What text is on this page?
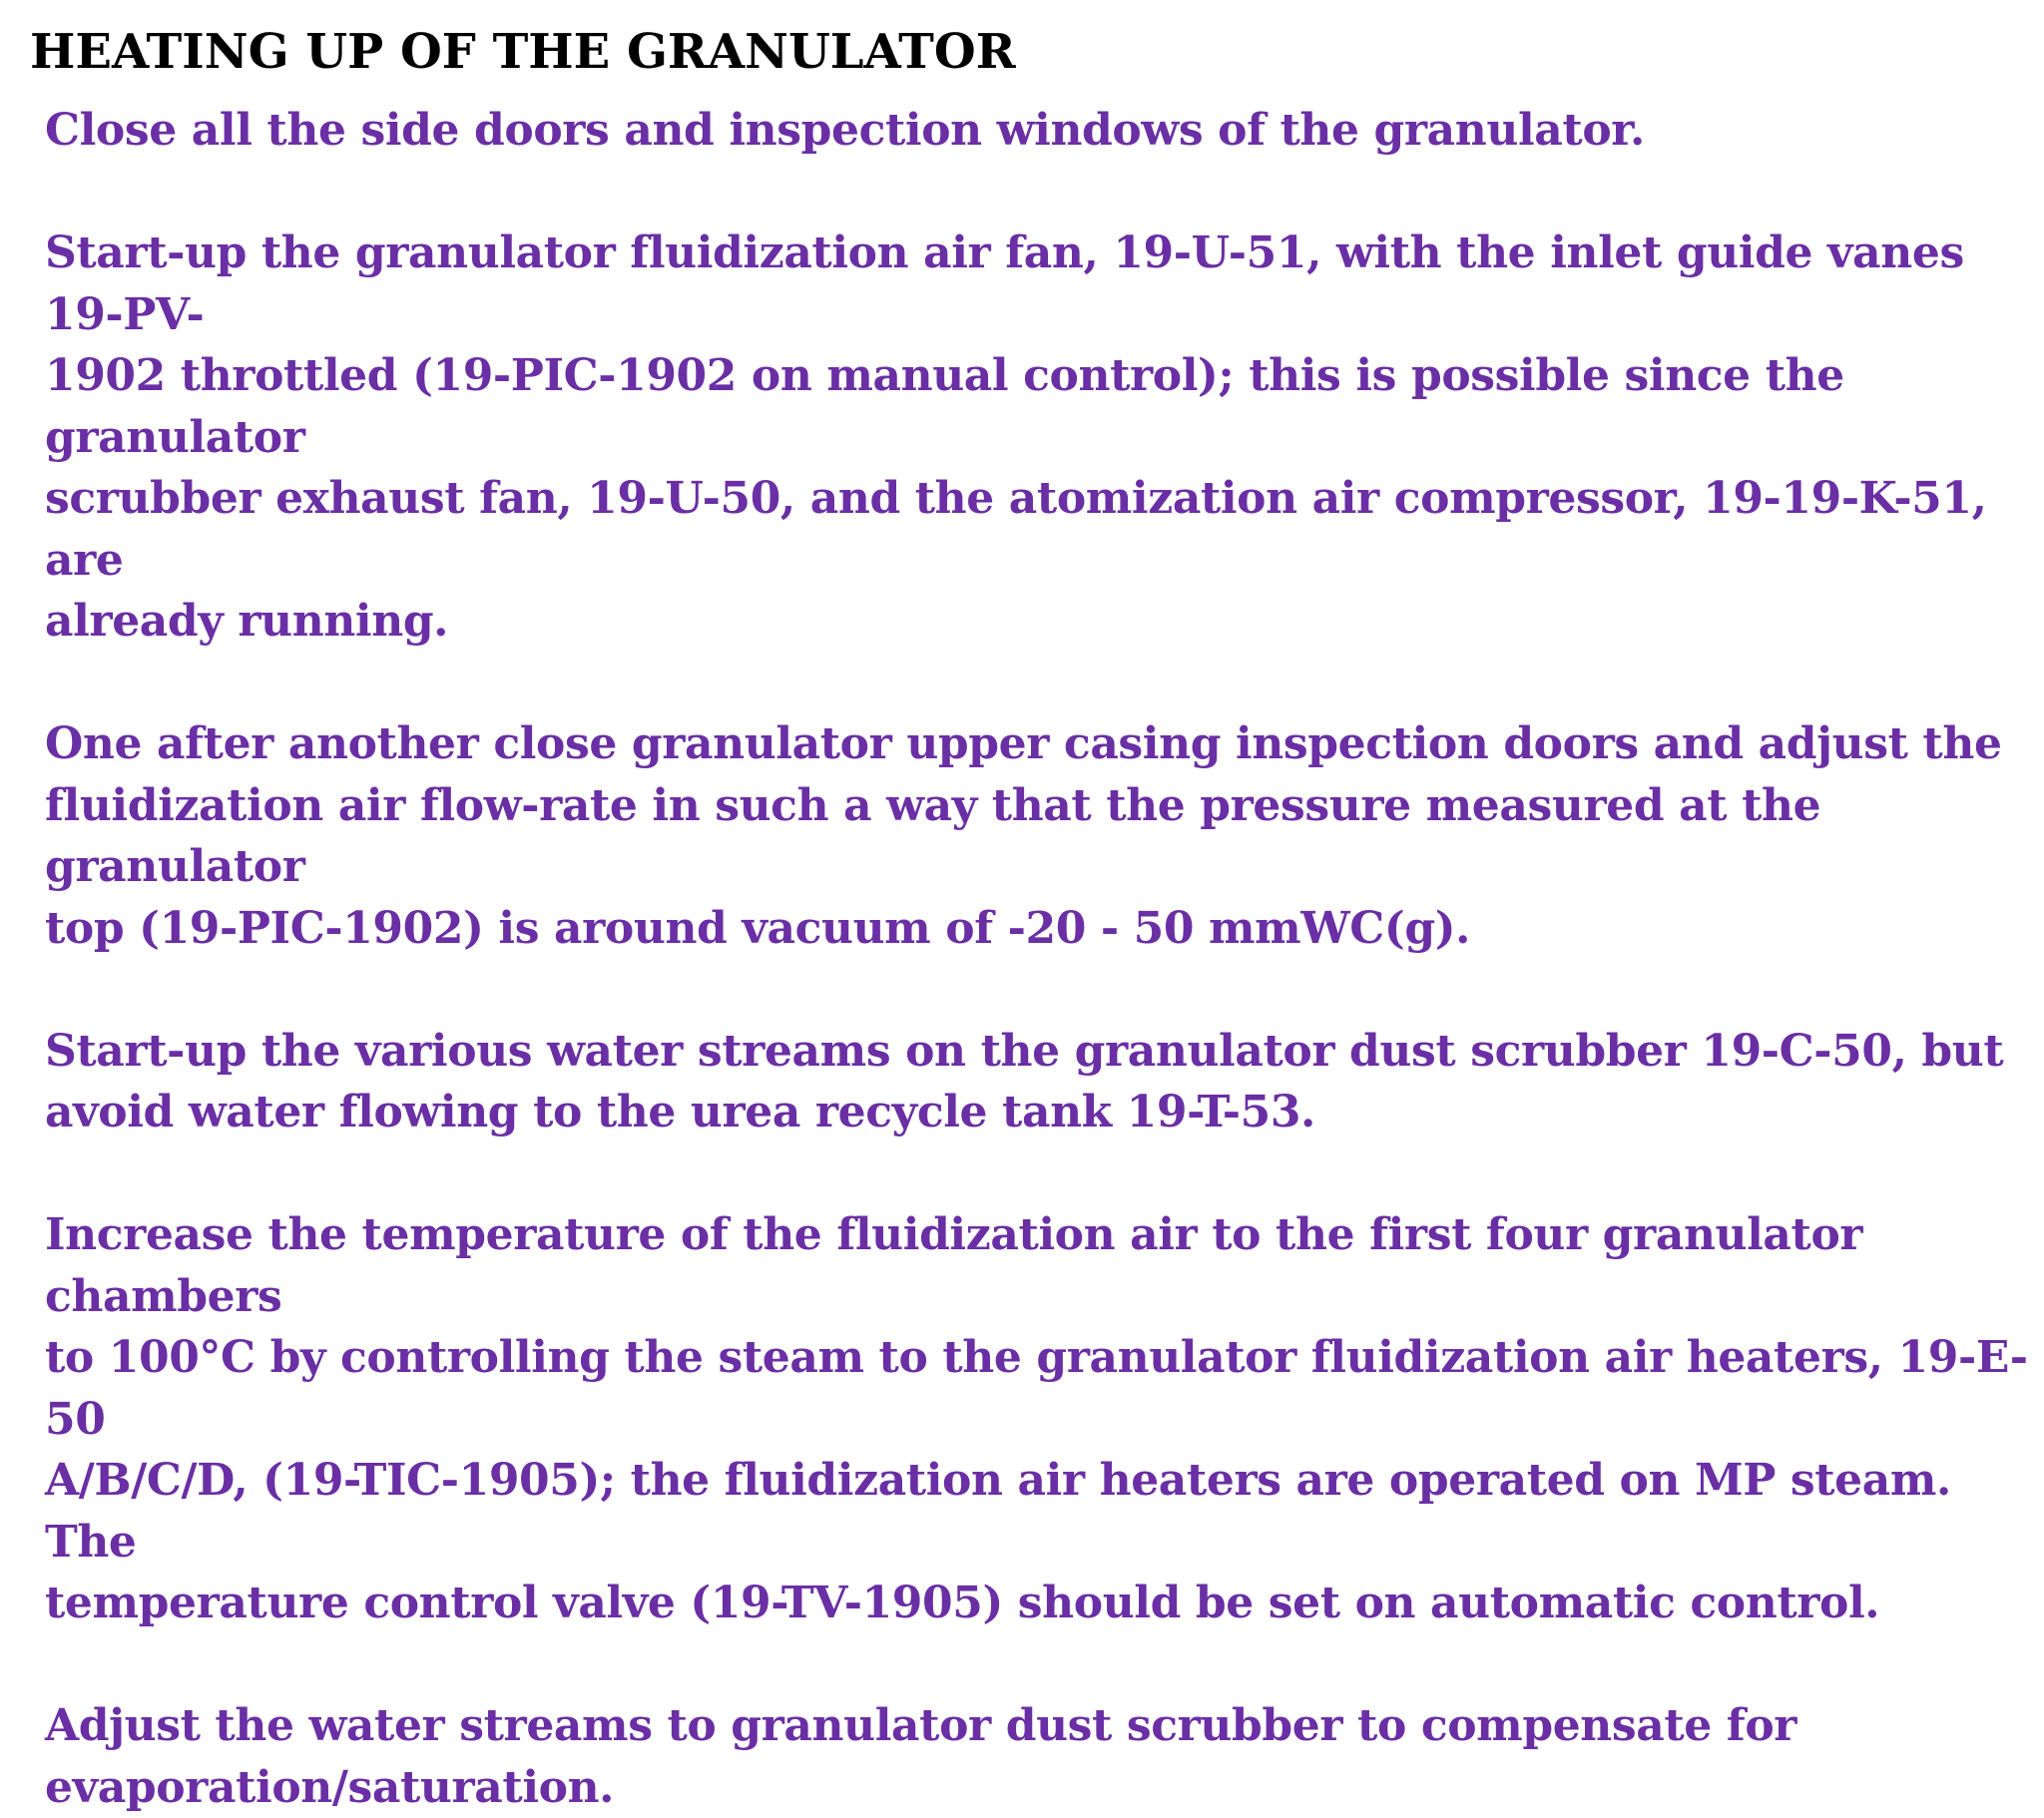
HEATING UP OF THE GRANULATOR

Close all the side doors and inspection windows of the granulator.

Start-up the granulator fluidization air fan, 19-U-51, with the inlet guide vanes 19-PV-
1902 throttled (19-PIC-1902 on manual control); this is possible since the granulator
scrubber exhaust fan, 19-U-50, and the atomization air compressor, 19-19-K-51, are
already running.

One after another close granulator upper casing inspection doors and adjust the
fluidization air flow-rate in such a way that the pressure measured at the granulator
top (19-PIC-1902) is around vacuum of -20 - 50 mmWC(g).

Start-up the various water streams on the granulator dust scrubber 19-C-50, but
avoid water flowing to the urea recycle tank 19-T-53.

Increase the temperature of the fluidization air to the first four granulator chambers
to 100°C by controlling the steam to the granulator fluidization air heaters, 19-E-50
A/B/C/D, (19-TIC-1905); the fluidization air heaters are operated on MP steam. The
temperature control valve (19-TV-1905) should be set on automatic control.

Adjust the water streams to granulator dust scrubber to compensate for
evaporation/saturation.
